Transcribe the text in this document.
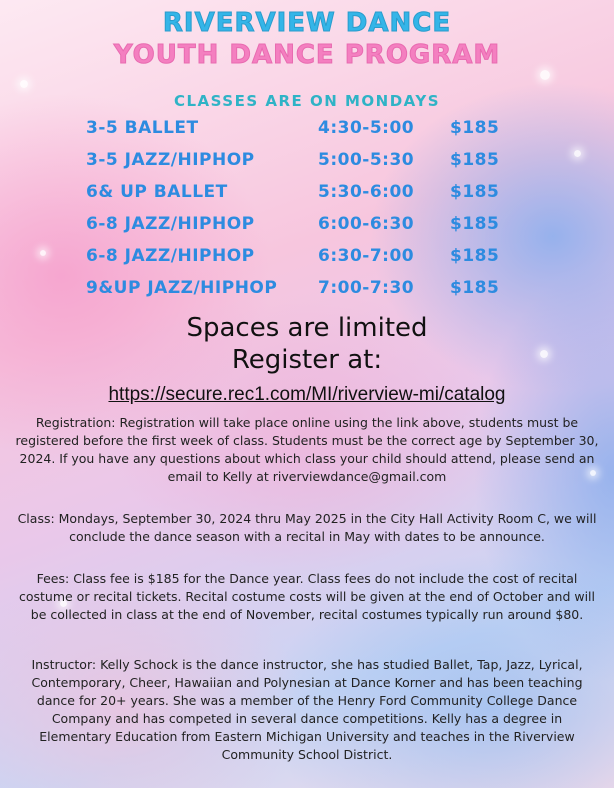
RIVERVIEW DANCE
YOUTH DANCE PROGRAM
CLASSES ARE ON MONDAYS
3-5 BALLET	4:30-5:00 $185
3-5 JAZZ/HIPHOP	5:00-5:30 $185
6& UP BALLET	5:30-6:00 $185
6-8 JAZZ/HIPHOP	6:00-6:30 $185
6-8 JAZZ/HIPHOP	6:30-7:00 $185
9&UP JAZZ/HIPHOP 7:00-7:30 $185
Spaces are limited
Register at:
https://secure.rec1.com/MI/riverview-mi/catalog
Registration: Registration will take place online using the link above, students must be registered before the first week of class. Students must be the correct age by September 30, 2024. If you have any questions about which class your child should attend, please send an email to Kelly at riverviewdance@gmail.com
Class: Mondays, September 30, 2024 thru May 2025 in the City Hall Activity Room C, we will conclude the dance season with a recital in May with dates to be announce.
Fees: Class fee is $185 for the Dance year. Class fees do not include the cost of recital costume or recital tickets. Recital costume costs will be given at the end of October and will be collected in class at the end of November, recital costumes typically run around $80.
Instructor: Kelly Schock is the dance instructor, she has studied Ballet, Tap, Jazz, Lyrical, Contemporary, Cheer, Hawaiian and Polynesian at Dance Korner and has been teaching dance for 20+ years. She was a member of the Henry Ford Community College Dance Company and has competed in several dance competitions. Kelly has a degree in Elementary Education from Eastern Michigan University and teaches in the Riverview Community School District.
